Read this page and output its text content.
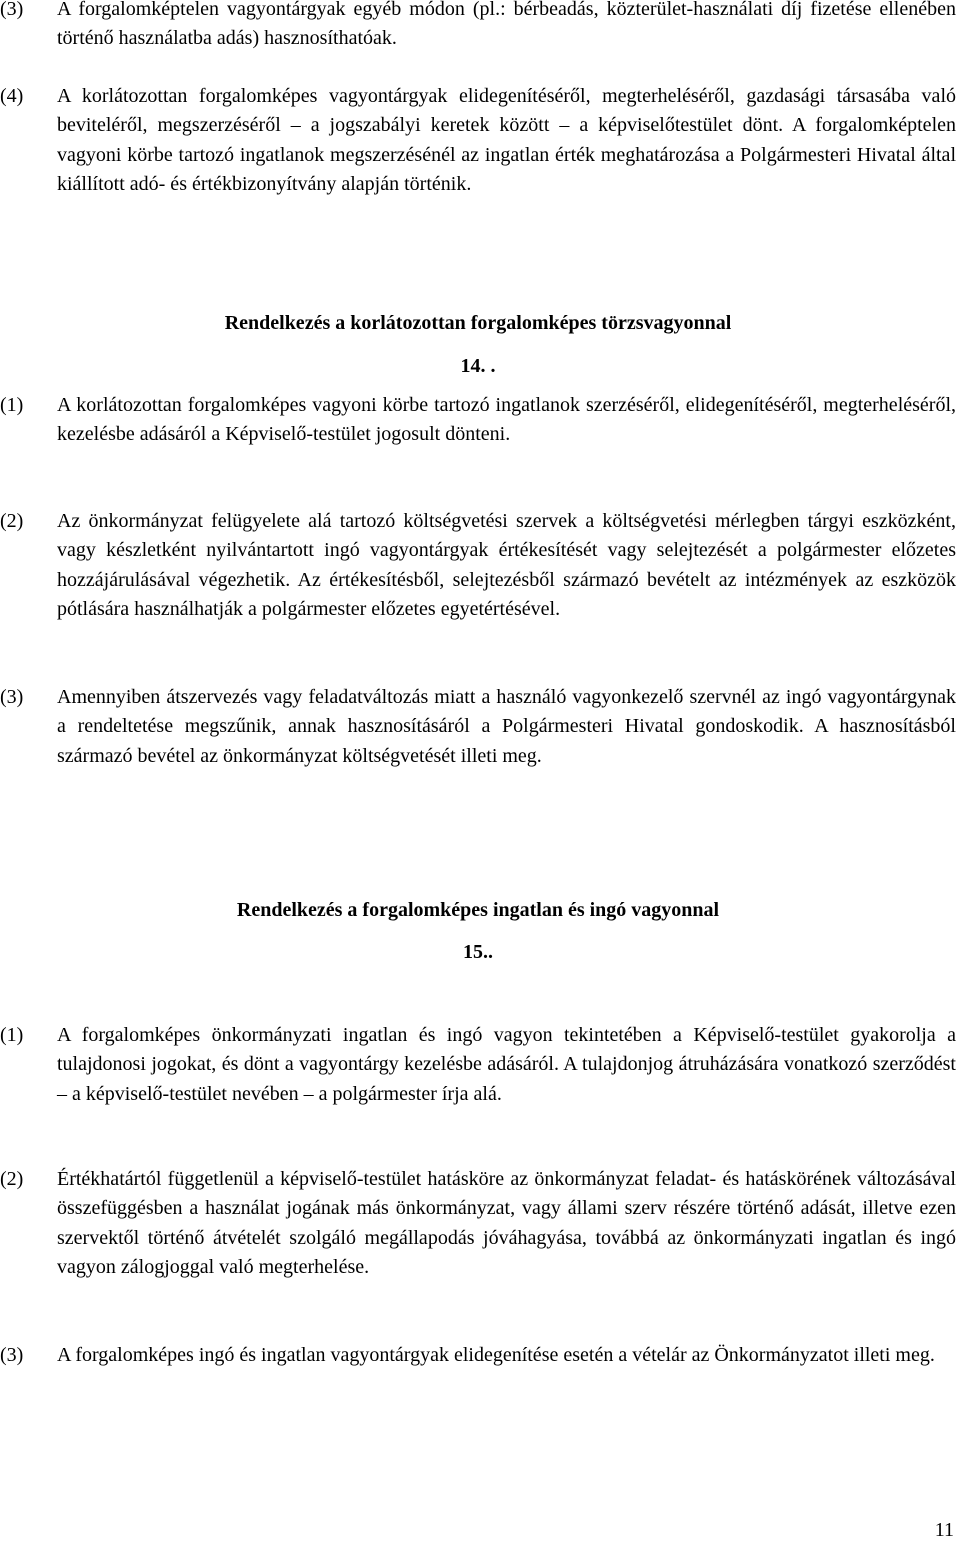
(3) A forgalomképtelen vagyontárgyak egyéb módon (pl.: bérbeadás, közterület-használati díj fizetése ellenében történő használatba adás) hasznosíthatóak.
(4) A korlátozottan forgalomképes vagyontárgyak elidegenítéséről, megterheléséről, gazdasági társasába való beviteléről, megszerzéséről – a jogszabályi keretek között – a képviselőtestület dönt. A forgalomképtelen vagyoni körbe tartozó ingatlanok megszerzésénél az ingatlan érték meghatározása a Polgármesteri Hivatal által kiállított adó- és értékbizonyítvány alapján történik.
Rendelkezés a korlátozottan forgalomképes törzsvagyonnal
14. .
(1) A korlátozottan forgalomképes vagyoni körbe tartozó ingatlanok szerzéséről, elidegenítéséről, megterheléséről, kezelésbe adásáról a Képviselő-testület jogosult dönteni.
(2) Az önkormányzat felügyelete alá tartozó költségvetési szervek a költségvetési mérlegben tárgyi eszközként, vagy készletként nyilvántartott ingó vagyontárgyak értékesítését vagy selejtezését a polgármester előzetes hozzájárulásával végezhetik. Az értékesítésből, selejtezésből származó bevételt az intézmények az eszközök pótlására használhatják a polgármester előzetes egyetértésével.
(3) Amennyiben átszervezés vagy feladatváltozás miatt a használó vagyonkezelő szervnél az ingó vagyontárgynak a rendeltetése megszűnik, annak hasznosításáról a Polgármesteri Hivatal gondoskodik. A hasznosításból származó bevétel az önkormányzat költségvetését illeti meg.
Rendelkezés a forgalomképes ingatlan és ingó vagyonnal
15..
(1) A forgalomképes önkormányzati ingatlan és ingó vagyon tekintetében a Képviselő-testület gyakorolja a tulajdonosi jogokat, és dönt a vagyontárgy kezelésbe adásáról. A tulajdonjog átruházására vonatkozó szerződést – a képviselő-testület nevében – a polgármester írja alá.
(2) Értékhatártól függetlenül a képviselő-testület hatásköre az önkormányzat feladat- és hatáskörének változásával összefüggésben a használat jogának más önkormányzat, vagy állami szerv részére történő adását, illetve ezen szervektől történő átvételét szolgáló megállapodás jóváhagyása, továbbá az önkormányzati ingatlan és ingó vagyon zálogjoggal való megterhelése.
(3) A forgalomképes ingó és ingatlan vagyontárgyak elidegenítése esetén a vételár az Önkormányzatot illeti meg.
11
